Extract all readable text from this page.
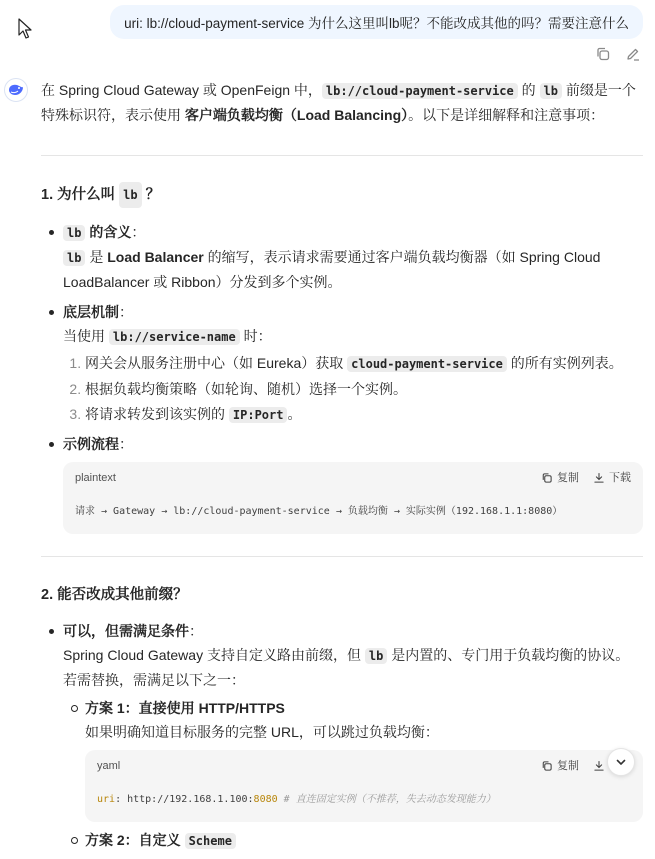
uri: lb://cloud-payment-service 为什么这里叫lb呢？不能改成其他的吗？需要注意什么

在 Spring Cloud Gateway 或 OpenFeign 中， lb://cloud-payment-service 的 lb 前缀是一个特殊标识符，表示使用 客户端负载均衡（Load Balancing）。以下是详细解释和注意事项：

1. 为什么叫 lb ？
lb 的含义：
lb 是 Load Balancer 的缩写，表示请求需要通过客户端负载均衡器（如 Spring Cloud LoadBalancer 或 Ribbon）分发到多个实例。
底层机制：
当使用 lb://service-name 时：
1. 网关会从服务注册中心（如 Eureka）获取 cloud-payment-service 的所有实例列表。
2. 根据负载均衡策略（如轮询、随机）选择一个实例。
3. 将请求转发到该实例的 IP:Port 。
示例流程：
plaintext	复制	下载
请求 → Gateway → lb://cloud-payment-service → 负载均衡 → 实际实例（192.168.1.1:8080）
2. 能否改成其他前缀？
可以，但需满足条件：
Spring Cloud Gateway 支持自定义路由前缀，但 lb 是内置的、专门用于负载均衡的协议。若需替换，需满足以下之一：
方案 1：直接使用 HTTP/HTTPS
如果明确知道目标服务的完整 URL，可以跳过负载均衡：
yaml	复制
uri: http://192.168.1.100:8080 # 直连固定实例（不推荐，失去动态发现能力）
方案 2：自定义 Scheme
